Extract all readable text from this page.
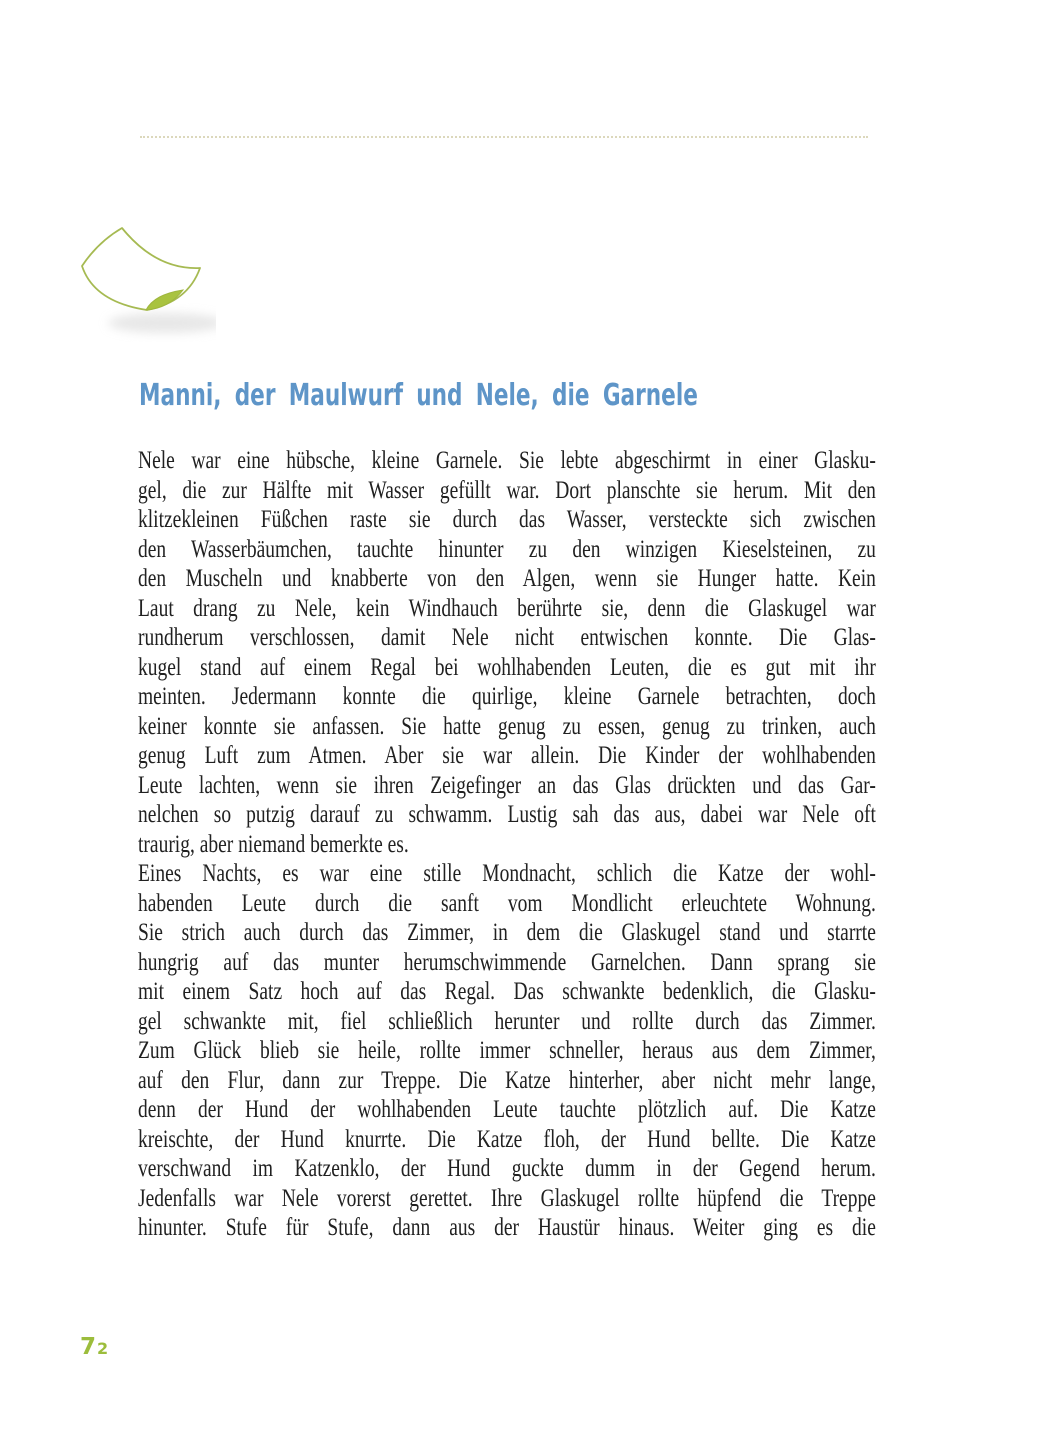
Manni, der Maulwurf und Nele, die Garnele
Nele war eine hübsche, kleine Garnele. Sie lebte abgeschirmt in einer Glasku-
gel, die zur Hälfte mit Wasser gefüllt war. Dort planschte sie herum. Mit den
klitzekleinen Füßchen raste sie durch das Wasser, versteckte sich zwischen
den Wasserbäumchen, tauchte hinunter zu den winzigen Kieselsteinen, zu
den Muscheln und knabberte von den Algen, wenn sie Hunger hatte. Kein
Laut drang zu Nele, kein Windhauch berührte sie, denn die Glaskugel war
rundherum verschlossen, damit Nele nicht entwischen konnte. Die Glas-
kugel stand auf einem Regal bei wohlhabenden Leuten, die es gut mit ihr
meinten. Jedermann konnte die quirlige, kleine Garnele betrachten, doch
keiner konnte sie anfassen. Sie hatte genug zu essen, genug zu trinken, auch
genug Luft zum Atmen. Aber sie war allein. Die Kinder der wohlhabenden
Leute lachten, wenn sie ihren Zeigefinger an das Glas drückten und das Gar-
nelchen so putzig darauf zu schwamm. Lustig sah das aus, dabei war Nele oft
traurig, aber niemand bemerkte es.
Eines Nachts, es war eine stille Mondnacht, schlich die Katze der wohl-
habenden Leute durch die sanft vom Mondlicht erleuchtete Wohnung.
Sie strich auch durch das Zimmer, in dem die Glaskugel stand und starrte
hungrig auf das munter herumschwimmende Garnelchen. Dann sprang sie
mit einem Satz hoch auf das Regal. Das schwankte bedenklich, die Glasku-
gel schwankte mit, fiel schließlich herunter und rollte durch das Zimmer.
Zum Glück blieb sie heile, rollte immer schneller, heraus aus dem Zimmer,
auf den Flur, dann zur Treppe. Die Katze hinterher, aber nicht mehr lange,
denn der Hund der wohlhabenden Leute tauchte plötzlich auf. Die Katze
kreischte, der Hund knurrte. Die Katze floh, der Hund bellte. Die Katze
verschwand im Katzenklo, der Hund guckte dumm in der Gegend herum.
Jedenfalls war Nele vorerst gerettet. Ihre Glaskugel rollte hüpfend die Treppe
hinunter. Stufe für Stufe, dann aus der Haustür hinaus. Weiter ging es die
72
